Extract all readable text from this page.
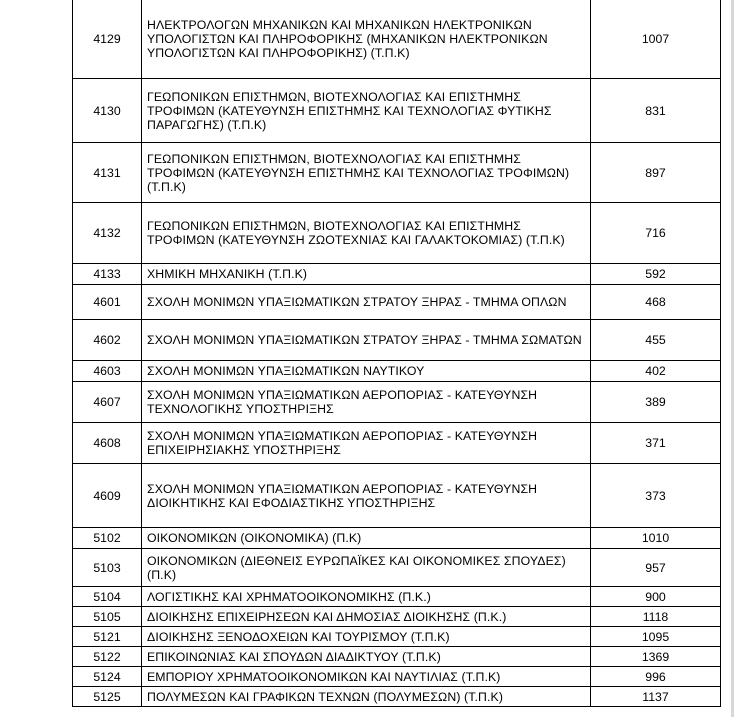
4129	ΗΛΕΚΤΡΟΛΟΓΩΝ ΜΗΧΑΝΙΚΩΝ ΚΑΙ ΜΗΧΑΝΙΚΩΝ ΗΛΕΚΤΡΟΝΙΚΩΝ ΥΠΟΛΟΓΙΣΤΩΝ ΚΑΙ ΠΛΗΡΟΦΟΡΙΚΗΣ (ΜΗΧΑΝΙΚΩΝ ΗΛΕΚΤΡΟΝΙΚΩΝ ΥΠΟΛΟΓΙΣΤΩΝ ΚΑΙ ΠΛΗΡΟΦΟΡΙΚΗΣ) (Τ.Π.Κ)	1007
4130	ΓΕΩΠΟΝΙΚΩΝ ΕΠΙΣΤΗΜΩΝ, ΒΙΟΤΕΧΝΟΛΟΓΙΑΣ ΚΑΙ ΕΠΙΣΤΗΜΗΣ ΤΡΟΦΙΜΩΝ (ΚΑΤΕΥΘΥΝΣΗ ΕΠΙΣΤΗΜΗΣ ΚΑΙ ΤΕΧΝΟΛΟΓΙΑΣ ΦΥΤΙΚΗΣ ΠΑΡΑΓΩΓΗΣ) (Τ.Π.Κ)	831
4131	ΓΕΩΠΟΝΙΚΩΝ ΕΠΙΣΤΗΜΩΝ, ΒΙΟΤΕΧΝΟΛΟΓΙΑΣ ΚΑΙ ΕΠΙΣΤΗΜΗΣ ΤΡΟΦΙΜΩΝ (ΚΑΤΕΥΘΥΝΣΗ ΕΠΙΣΤΗΜΗΣ ΚΑΙ ΤΕΧΝΟΛΟΓΙΑΣ ΤΡΟΦΙΜΩΝ) (Τ.Π.Κ)	897
4132	ΓΕΩΠΟΝΙΚΩΝ ΕΠΙΣΤΗΜΩΝ, ΒΙΟΤΕΧΝΟΛΟΓΙΑΣ ΚΑΙ ΕΠΙΣΤΗΜΗΣ ΤΡΟΦΙΜΩΝ (ΚΑΤΕΥΘΥΝΣΗ ΖΩΟΤΕΧΝΙΑΣ ΚΑΙ ΓΑΛΑΚΤΟΚΟΜΙΑΣ) (Τ.Π.Κ)	716
4133	ΧΗΜΙΚΗ ΜΗΧΑΝΙΚΗ (Τ.Π.Κ)	592
4601	ΣΧΟΛΗ ΜΟΝΙΜΩΝ ΥΠΑΞΙΩΜΑΤΙΚΩΝ ΣΤΡΑΤΟΥ ΞΗΡΑΣ - ΤΜΗΜΑ ΟΠΛΩΝ	468
4602	ΣΧΟΛΗ ΜΟΝΙΜΩΝ ΥΠΑΞΙΩΜΑΤΙΚΩΝ ΣΤΡΑΤΟΥ ΞΗΡΑΣ - ΤΜΗΜΑ ΣΩΜΑΤΩΝ	455
4603	ΣΧΟΛΗ ΜΟΝΙΜΩΝ ΥΠΑΞΙΩΜΑΤΙΚΩΝ ΝΑΥΤΙΚΟΥ	402
4607	ΣΧΟΛΗ ΜΟΝΙΜΩΝ ΥΠΑΞΙΩΜΑΤΙΚΩΝ ΑΕΡΟΠΟΡΙΑΣ - ΚΑΤΕΥΘΥΝΣΗ ΤΕΧΝΟΛΟΓΙΚΗΣ ΥΠΟΣΤΗΡΙΞΗΣ	389
4608	ΣΧΟΛΗ ΜΟΝΙΜΩΝ ΥΠΑΞΙΩΜΑΤΙΚΩΝ ΑΕΡΟΠΟΡΙΑΣ - ΚΑΤΕΥΘΥΝΣΗ ΕΠΙΧΕΙΡΗΣΙΑΚΗΣ ΥΠΟΣΤΗΡΙΞΗΣ	371
4609	ΣΧΟΛΗ ΜΟΝΙΜΩΝ ΥΠΑΞΙΩΜΑΤΙΚΩΝ ΑΕΡΟΠΟΡΙΑΣ - ΚΑΤΕΥΘΥΝΣΗ ΔΙΟΙΚΗΤΙΚΗΣ ΚΑΙ ΕΦΟΔΙΑΣΤΙΚΗΣ ΥΠΟΣΤΗΡΙΞΗΣ	373
5102	ΟΙΚΟΝΟΜΙΚΩΝ (ΟΙΚΟΝΟΜΙΚΑ) (Π.Κ)	1010
5103	ΟΙΚΟΝΟΜΙΚΩΝ (ΔΙΕΘΝΕΙΣ ΕΥΡΩΠΑΪΚΕΣ ΚΑΙ ΟΙΚΟΝΟΜΙΚΕΣ ΣΠΟΥΔΕΣ) (Π.Κ)	957
5104	ΛΟΓΙΣΤΙΚΗΣ ΚΑΙ ΧΡΗΜΑΤΟΟΙΚΟΝΟΜΙΚΗΣ (Π.Κ.)	900
5105	ΔΙΟΙΚΗΣΗΣ ΕΠΙΧΕΙΡΗΣΕΩΝ ΚΑΙ ΔΗΜΟΣΙΑΣ ΔΙΟΙΚΗΣΗΣ (Π.Κ.)	1118
5121	ΔΙΟΙΚΗΣΗΣ ΞΕΝΟΔΟΧΕΙΩΝ ΚΑΙ ΤΟΥΡΙΣΜΟΥ (Τ.Π.Κ)	1095
5122	ΕΠΙΚΟΙΝΩΝΙΑΣ ΚΑΙ ΣΠΟΥΔΩΝ ΔΙΑΔΙΚΤΥΟΥ (Τ.Π.Κ)	1369
5124	ΕΜΠΟΡΙΟΥ ΧΡΗΜΑΤΟΟΙΚΟΝΟΜΙΚΩΝ ΚΑΙ ΝΑΥΤΙΛΙΑΣ (Τ.Π.Κ)	996
5125	ΠΟΛΥΜΕΣΩΝ ΚΑΙ ΓΡΑΦΙΚΩΝ ΤΕΧΝΩΝ (ΠΟΛΥΜΕΣΩΝ) (Τ.Π.Κ)	1137
